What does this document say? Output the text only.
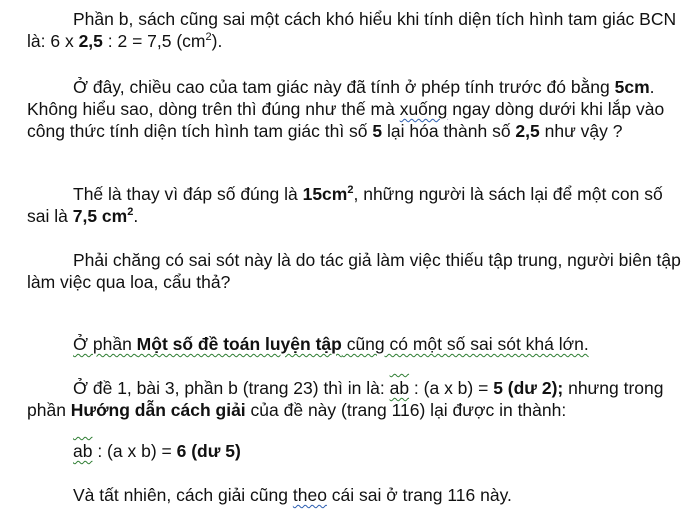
Phần b, sách cũng sai một cách khó hiểu khi tính diện tích hình tam giác BCN là: 6 x 2,5 : 2 = 7,5 $(cm^2)$.

Ở đây, chiều cao của tam giác này đã tính ở phép tính trước đó bằng 5cm. Không hiểu sao, dòng trên thì đúng như thế mà xuống ngay dòng dưới khi lắp vào công thức tính diện tích hình tam giác thì số 5 lại hóa thành số 2,5 như vậy ?

Thế là thay vì đáp số đúng là $15cm^2$, những người là sách lại để một con số sai là 7,5 $cm^2$.

Phải chăng có sai sót này là do tác giả làm việc thiếu tập trung, người biên tập làm việc qua loa, cẩu thả?

Ở phần Một số đề toán luyện tập cũng có một số sai sót khá lớn.

Ở đề 1, bài 3, phần b (trang 23) thì in là: ab : (a x b) = 5 (dư 2); nhưng trong phần Hướng dẫn cách giải của đề này (trang 116) lại được in thành:

ab : (a x b) = 6 (dư 5)

Và tất nhiên, cách giải cũng theo cái sai ở trang 116 này.
